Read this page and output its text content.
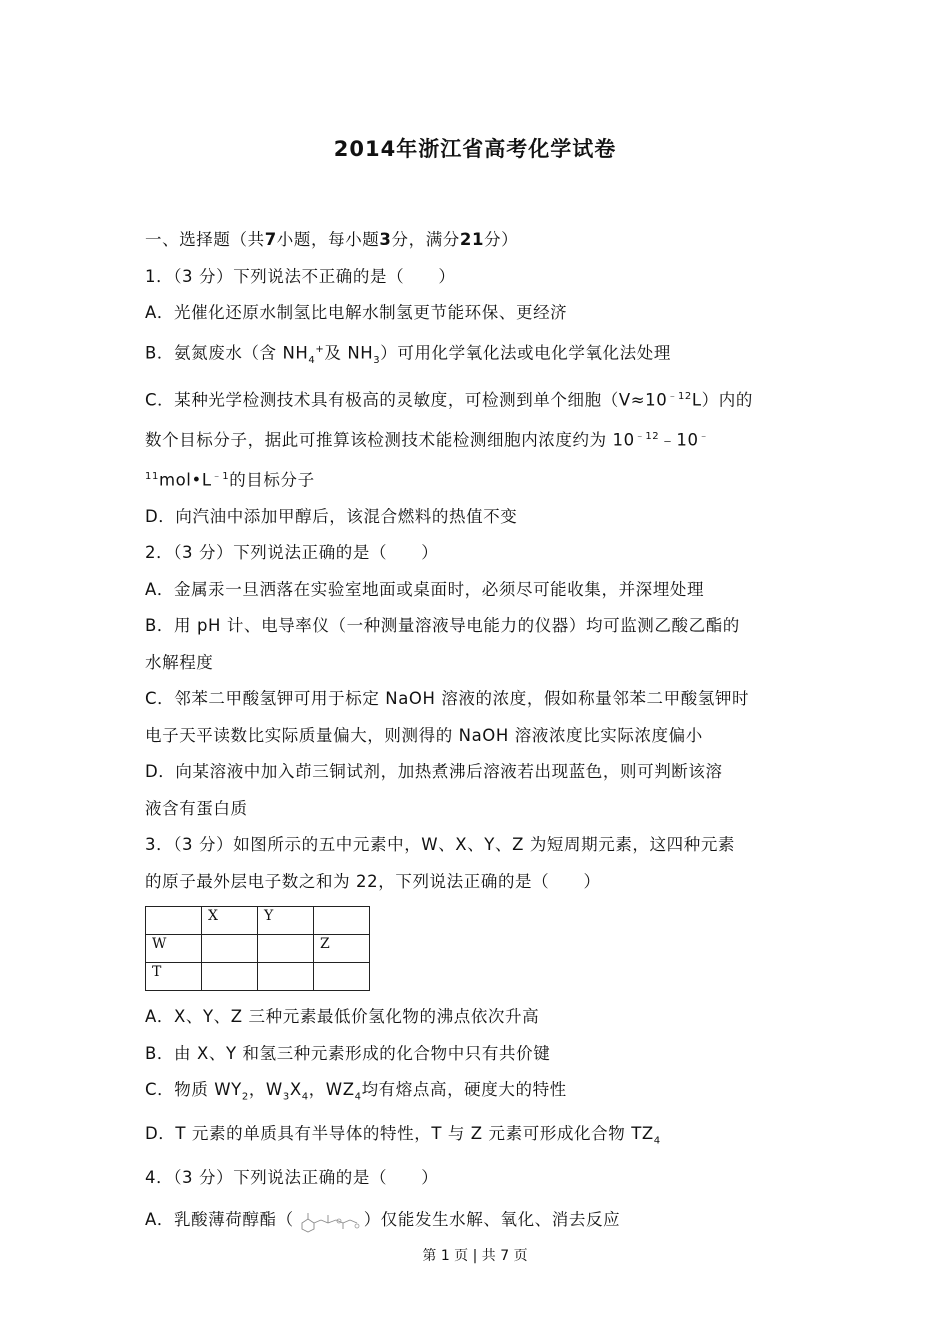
2014年浙江省高考化学试卷
一、选择题（共7小题，每小题3分，满分21分）
1．（3 分）下列说法不正确的是（　　）
A．光催化还原水制氢比电解水制氢更节能环保、更经济
B．氨氮废水（含 $NH_4^+$及 $NH_3$）可用化学氧化法或电化学氧化法处理
C．某种光学检测技术具有极高的灵敏度，可检测到单个细胞$(V\approx 10^{﹣12}L)$内的
数个目标分子，据此可推算该检测技术能检测细胞内浓度约为 $10^{﹣12}﹣10^﹣$
$^{11}mol•L^{﹣1}$的目标分子
D．向汽油中添加甲醇后，该混合燃料的热值不变
2．（3 分）下列说法正确的是（　　）
A．金属汞一旦洒落在实验室地面或桌面时，必须尽可能收集，并深埋处理
B．用 pH 计、电导率仪（一种测量溶液导电能力的仪器）均可监测乙酸乙酯的
水解程度
C．邻苯二甲酸氢钾可用于标定 NaOH 溶液的浓度，假如称量邻苯二甲酸氢钾时
电子天平读数比实际质量偏大，则测得的 NaOH 溶液浓度比实际浓度偏小
D．向某溶液中加入茚三铜试剂，加热煮沸后溶液若出现蓝色，则可判断该溶
液含有蛋白质
3．（3 分）如图所示的五中元素中，W、X、Y、Z 为短周期元素，这四种元素
的原子最外层电子数之和为 22，下列说法正确的是（　　）
	X	Y	
W			Z
T			
A．X、Y、Z 三种元素最低价氢化物的沸点依次升高
B．由 X、Y 和氢三种元素形成的化合物中只有共价键
C．物质 $WY_2$，$W_3X_4$，$WZ_4$均有熔点高，硬度大的特性
D．T 元素的单质具有半导体的特性，T 与 Z 元素可形成化合物 $TZ_4$
4．（3 分）下列说法正确的是（　　）
A．乳酸薄荷醇酯（	）仅能发生水解、氧化、消去反应
第 1 页 | 共 7 页
